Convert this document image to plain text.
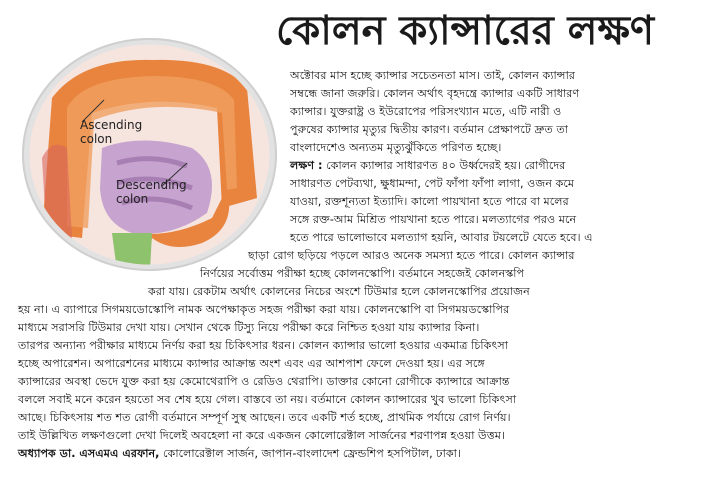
কোলন ক্যান্সারের লক্ষণ
Ascending
colon
Descending
colon
অক্টোবর মাস হচ্ছে ক্যান্সার সচেতনতা মাস। তাই, কোলন ক্যান্সার
সম্বন্ধে জানা জরুরি। কোলন অর্থাৎ বৃহদন্ত্রে ক্যান্সার একটি সাধারণ
ক্যান্সার। যুক্তরাষ্ট্র ও ইউরোপের পরিসংখ্যান মতে, এটি নারী ও
পুরুষের ক্যান্সার মৃত্যুর দ্বিতীয় কারণ। বর্তমান প্রেক্ষাপটে দ্রুত তা
বাংলাদেশেও অন্যতম মৃত্যুঝুঁকিতে পরিণত হচ্ছে।
লক্ষণ : কোলন ক্যান্সার সাধারণত ৪০ উর্ধ্বদেরই হয়। রোগীদের
সাধারণত পেটব্যথা, ক্ষুধামন্দা, পেট ফাঁপা ফাঁপা লাগা, ওজন কমে
যাওয়া, রক্তশূন্যতা ইত্যাদি। কালো পায়খানা হতে পারে বা মলের
সঙ্গে রক্ত-আম মিশ্রিত পায়খানা হতে পারে। মলত্যাগের পরও মনে
হতে পারে ভালোভাবে মলত্যাগ হয়নি, আবার টয়লেটে যেতে হবে। এ
ছাড়া রোগ ছড়িয়ে পড়লে আরও অনেক সমস্যা হতে পারে। কোলন ক্যান্সার
নির্ণয়ের সর্বোত্তম পরীক্ষা হচ্ছে কোলনস্কোপি। বর্তমানে সহজেই কোলনস্কপি
করা যায়। রেকটাম অর্থাৎ কোলনের নিচের অংশে টিউমার হলে কোলনস্কোপির প্রয়োজন
হয় না। এ ব্যাপারে সিগময়ডোস্কোপি নামক অপেক্ষাকৃত সহজ পরীক্ষা করা যায়। কোলনস্কোপি বা সিগময়ডস্কোপির
মাধ্যমে সরাসরি টিউমার দেখা যায়। সেখান থেকে টিস্যু নিয়ে পরীক্ষা করে নিশ্চিত হওয়া যায় ক্যান্সার কিনা।
তারপর অন্যান্য পরীক্ষার মাধ্যমে নির্ণয় করা হয় চিকিৎসার ধরন। কোলন ক্যান্সার ভালো হওয়ার একমাত্র চিকিৎসা
হচ্ছে অপারেশন। অপারেশনের মাধ্যমে ক্যান্সার আক্রান্ত অংশ এবং এর আশপাশ ফেলে দেওয়া হয়। এর সঙ্গে
ক্যান্সারের অবস্থা ভেদে যুক্ত করা হয় কেমোথেরাপি ও রেডিও থেরাপি। ডাক্তার কোনো রোগীকে ক্যান্সারে আক্রান্ত
বললে সবাই মনে করেন হয়তো সব শেষ হয়ে গেল। বাস্তবে তা নয়। বর্তমানে কোলন ক্যান্সারের খুব ভালো চিকিৎসা
আছে। চিকিৎসায় শত শত রোগী বর্তমানে সম্পূর্ণ সুস্থ আছেন। তবে একটি শর্ত হচ্ছে, প্রাথমিক পর্যায়ে রোগ নির্ণয়।
তাই উল্লিখিত লক্ষণগুলো দেখা দিলেই অবহেলা না করে একজন কোলোরেক্টাল সার্জনের শরণাপন্ন হওয়া উত্তম।
অধ্যাপক ডা. এসএমএ এরফান, কোলোরেক্টাল সার্জন, জাপান-বাংলাদেশ ফ্রেন্ডশিপ হসপিটাল, ঢাকা।
